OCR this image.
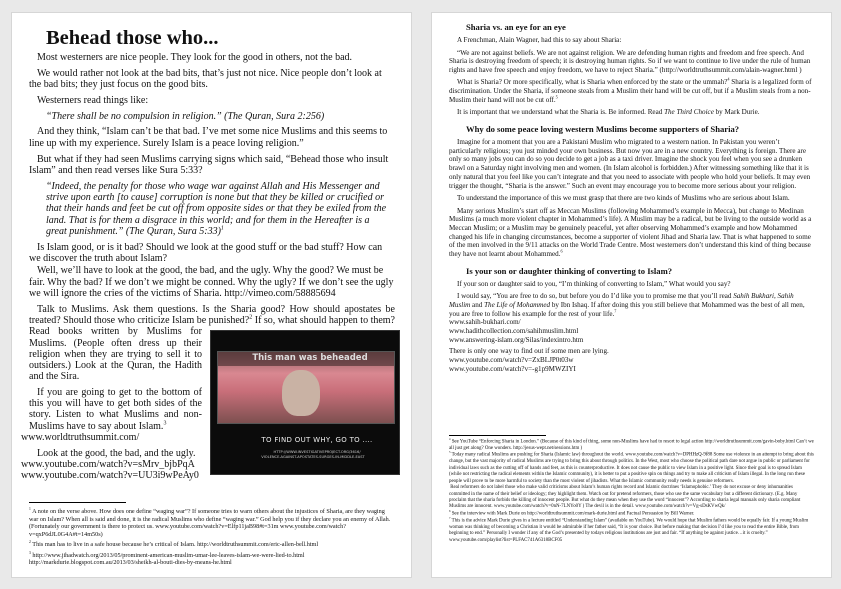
Behead those who...

Most westerners are nice people. They look for the good in others, not the bad.

We would rather not look at the bad bits, that’s just not nice. Nice people don’t look at the bad bits; they just focus on the good bits.

Westerners read things like:

“There shall be no compulsion in religion.” (The Quran, Sura 2:256)

And they think, “Islam can’t be that bad. I’ve met some nice Muslims and this seems to line up with my experience. Surely Islam is a peace loving religion.”

But what if they had seen Muslims carrying signs which said, “Behead those who insult Islam” and then read verses like Sura 5:33?

“Indeed, the penalty for those who wage war against Allah and His Messenger and strive upon earth [to cause] corruption is none but that they be killed or crucified or that their hands and feet be cut off from opposite sides or that they be exiled from the land. That is for them a disgrace in this world; and for them in the Hereafter is a great punishment.” (The Quran, Sura 5:33)$^1$

Is Islam good, or is it bad? Should we look at the good stuff or the bad stuff? How can we discover the truth about Islam?

Well, we’ll have to look at the good, the bad, and the ugly. Why the good? We must be fair. Why the bad? If we don’t we might be conned. Why the ugly? If we don’t see the ugly we will ignore the cries of the victims of Sharia. http://vimeo.com/58885694

Talk to Muslims. Ask them questions. Is the Sharia good? How should apostates be treated? Should those who criticize Islam be punished?$^2$
This man was beheaded
TO FIND OUT WHY, GO TO ....
HTTP://WWW.INVESTIGATIVEPROJECT.ORG/3616/
VIOLENCE-AGAINST-APOSTATES-SURGES-IN-MIDDLE-EAST
If so, what should happen to them? Read books written by Muslims for Muslims. (People often dress up their religion when they are trying to sell it to outsiders.) Look at the Quran, the Hadith and the Sira.

If you are going to get to the bottom of this you will have to get both sides of the story. Listen to what Muslims and non-Muslims have to say about Islam.$^3$
www.worldtruthsummit.com/

Look at the good, the bad, and the ugly.
www.youtube.com/watch?v=sMrv_bjbPqA
www.youtube.com/watch?v=UU3i9wPeAy0

$^1$ A note on the verse above. How does one define “waging war”? If someone tries to warn others about the injustices of Sharia, are they waging war on Islam? When all is said and done, it is the radical Muslims who define “waging war.” God help you if they declare you an enemy of Allah. (Fortunately our government is there to protect us. www.youtube.com/watch?v=Elfp11jaB98#t=31m www.youtube.com/watch?v=qxP6dJL0G4A#t=14m50s)

$^2$ This man has to live in a safe house because he’s critical of Islam. http://worldtruthsummit.com/eric-allen-bell.html

$^3$ http://www.jihadwatch.org/2013/05/prominent-american-muslim-umar-lee-leaves-islam-we-were-lied-to.html http://markdurie.blogspot.com.au/2013/03/sheikh-al-bouti-dies-by-means-he.html

Sharia vs. an eye for an eye

A Frenchman, Alain Wagner, had this to say about Sharia:

“We are not against beliefs. We are not against religion. We are defending human rights and freedom and free speech. And Sharia is destroying freedom of speech; it is destroying human rights. So if we want to continue to live under the rule of human rights and have free speech and enjoy freedom, we have to reject Sharia.” (http://worldtruthsummit.com/alain-wagner.html )

What is Sharia? Or more specifically, what is Sharia when enforced by the state or the ummah?$^4$ Sharia is a legalized form of discrimination. Under the Sharia, if someone steals from a Muslim their hand will be cut off, but if a Muslim steals from a non-Muslim their hand will not be cut off.$^5$

It is important that we understand what the Sharia is. Be informed. Read The Third Choice by Mark Durie.

Why do some peace loving western Muslims become supporters of Sharia?

Imagine for a moment that you are a Pakistani Muslim who migrated to a western nation. In Pakistan you weren’t particularly religious; you just minded your own business. But now you are in a new country. Everything is foreign. There are only so many jobs you can do so you decide to get a job as a taxi driver. Imagine the shock you feel when you see a drunken brawl on a Saturday night involving men and women. (In Islam alcohol is forbidden.) After witnessing something like that it is only natural that you feel like you can’t integrate and that you need to associate with people who hold your beliefs. It may even trigger the thought, “Sharia is the answer.” Such an event may encourage you to become more serious about your religion.

To understand the importance of this we must grasp that there are two kinds of Muslims who are serious about Islam.

Many serious Muslim’s start off as Meccan Muslims (following Mohammed’s example in Mecca), but change to Medinan Muslims (a much more violent chapter in Mohammed’s life). A Muslim may be a radical, but be living to the outside world as a Meccan Muslim; or a Muslim may be genuinely peaceful, yet after observing Mohammed’s example and how Mohammed changed his life in changing circumstances, become a supporter of violent Jihad and Sharia law. That is what happened to some of the men involved in the 9/11 attacks on the World Trade Centre. Most westerners don’t understand this kind of thing because they have not learnt about Mohammed.$^6$

Is your son or daughter thinking of converting to Islam?

If your son or daughter said to you, “I’m thinking of converting to Islam,” What would you say?

I would say, “You are free to do so, but before you do I’d like you to promise me that you’ll read Sahih Bukhari, Sahih Muslim and The Life of Mohammed by Ibn Ishaq. If after doing this you still believe that Mohammed was the best of all men, you are free to follow his example for the rest of your life.$^7$

www.sahih-bukhari.com/
www.hadithcollection.com/sahihmuslim.html
www.answering-islam.org/Silas/indexintro.htm

There is only one way to find out if some men are lying.
www.youtube.com/watch?v=ZxBLJP0t03w
www.youtube.com/watch?v=-g1p9MWZIYI

$^4$ See YouTube “Enforcing Sharia in London.” (Because of this kind of thing, some non-Muslims have had to resort to legal action http://worldtruthsummit.com/gavin-boby.html Can’t we all just get along? One wonders. http://jesus-wept.net/sessions.htm )

$^5$ Today many radical Muslims are pushing for Sharia (Islamic law) throughout the world. www.youtube.com/watch?v=DPHHzQ-9f88 Some use violence in an attempt to bring about this change, but the vast majority of radical Muslims are trying to bring this about through politics. In the West, most who choose the political path dare not argue in public or parliament for individual laws such as the cutting off of hands and feet, as this is counterproductive. It does not cause the public to view Islam in a positive light. Since their goal is to spread Islam (while not restricting the radical elements within the Islamic community), it is better to put a positive spin on things and try to make all criticism of Islam illegal. In the long run these people will prove to be more harmful to society than the most violent of jihadists. What the Islamic community really needs is genuine reformers.

Real reformers do not label those who make valid criticisms about Islam’s human rights record and Islamic doctrines ‘Islamophobic.’ They do not excuse or deny inhumanities committed in the name of their belief or ideology; they highlight them. Watch out for pretend reformers, those who use the same vocabulary but a different dictionary. (E.g. Many proclaim that the sharia forbids the killing of innocent people. But what do they mean when they use the word “innocent”? According to sharia legal manuals only sharia compliant Muslims are innocent. www.youtube.com/watch?v=0nN-7LNYo0Y ) The devil is in the detail. www.youtube.com/watch?v=Vg-sDsKVwQk/

$^6$ See the interview with Mark Durie on http://worldtruthsummit.com/mark-durie.html and Factual Persuasion by Bill Warner.

$^7$ This is the advice Mark Durie gives in a lecture entitled “Understanding Islam” (available on YouTube). We would hope that Muslim fathers would be equally fair. If a young Muslim woman was thinking of becoming a Christian it would be admirable if her father said, “It is your choice. But before making that decision I’d like you to read the entire Bible, from beginning to end.” Personally I wonder if any of the God’s presented by todays religious institutions are just and fair. “If anything be against justice…it is cruelty.” www.youtube.com/playlist?list=PLFAC741A6318BCF05
